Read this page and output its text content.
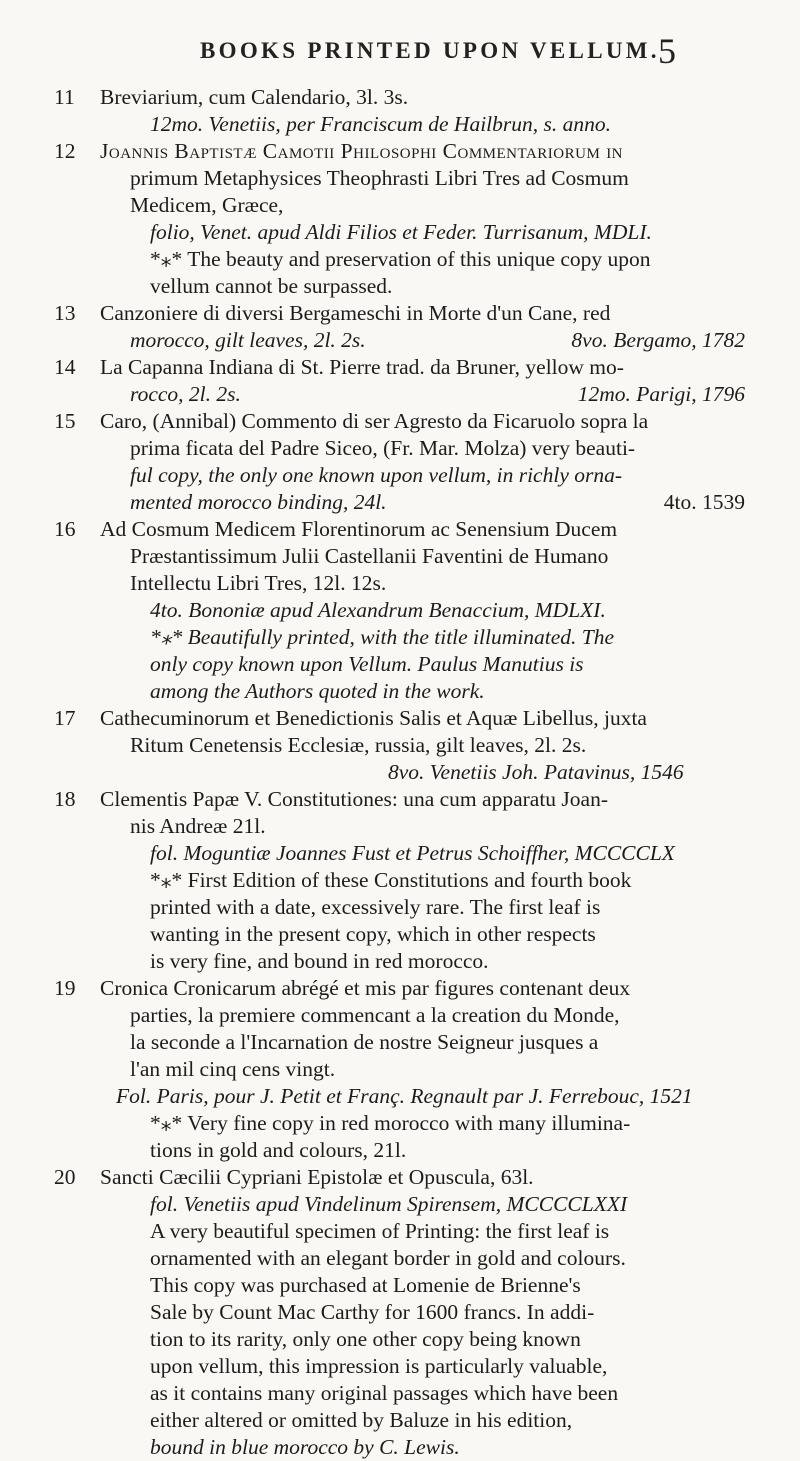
BOOKS PRINTED UPON VELLUM.
5
11 Breviarium, cum Calendario, 3l. 3s.
12mo. Venetiis, per Franciscum de Hailbrun, s. anno.
12 Joannis Baptistæ Camotii Philosophi Commentariorum in
primum Metaphysices Theophrasti Libri Tres ad Cosmum
Medicem, Græce,
folio, Venet. apud Aldi Filios et Feder. Turrisanum, MDLI.
*⁎* The beauty and preservation of this unique copy upon
vellum cannot be surpassed.
13 Canzoniere di diversi Bergameschi in Morte d'un Cane, red
morocco, gilt leaves, 2l. 2s.	8vo. Bergamo, 1782
14 La Capanna Indiana di St. Pierre trad. da Bruner, yellow mo-
rocco, 2l. 2s.	12mo. Parigi, 1796
15 Caro, (Annibal) Commento di ser Agresto da Ficaruolo sopra la
prima ficata del Padre Siceo, (Fr. Mar. Molza) very beauti-
ful copy, the only one known upon vellum, in richly orna-
mented morocco binding, 24l.	4to. 1539
16 Ad Cosmum Medicem Florentinorum ac Senensium Ducem
Præstantissimum Julii Castellanii Faventini de Humano
Intellectu Libri Tres, 12l. 12s.
4to. Bononiæ apud Alexandrum Benaccium, MDLXI.
*⁎* Beautifully printed, with the title illuminated. The
only copy known upon Vellum. Paulus Manutius is
among the Authors quoted in the work.
17 Cathecuminorum et Benedictionis Salis et Aquæ Libellus, juxta
Ritum Cenetensis Ecclesiæ, russia, gilt leaves, 2l. 2s.
8vo. Venetiis Joh. Patavinus, 1546
18 Clementis Papæ V. Constitutiones: una cum apparatu Joan-
nis Andreæ 21l.
fol. Moguntiæ Joannes Fust et Petrus Schoiffher, MCCCCLX
*⁎* First Edition of these Constitutions and fourth book
printed with a date, excessively rare. The first leaf is
wanting in the present copy, which in other respects
is very fine, and bound in red morocco.
19 Cronica Cronicarum abrégé et mis par figures contenant deux
parties, la premiere commencant a la creation du Monde,
la seconde a l'Incarnation de nostre Seigneur jusques a
l'an mil cinq cens vingt.
Fol. Paris, pour J. Petit et Franç. Regnault par J. Ferrebouc, 1521
*⁎* Very fine copy in red morocco with many illumina-
tions in gold and colours, 21l.
20 Sancti Cæcilii Cypriani Epistolæ et Opuscula, 63l.
fol. Venetiis apud Vindelinum Spirensem, MCCCCLXXI
A very beautiful specimen of Printing: the first leaf is
ornamented with an elegant border in gold and colours.
This copy was purchased at Lomenie de Brienne's
Sale by Count Mac Carthy for 1600 francs. In addi-
tion to its rarity, only one other copy being known
upon vellum, this impression is particularly valuable,
as it contains many original passages which have been
either altered or omitted by Baluze in his edition,
bound in blue morocco by C. Lewis.
